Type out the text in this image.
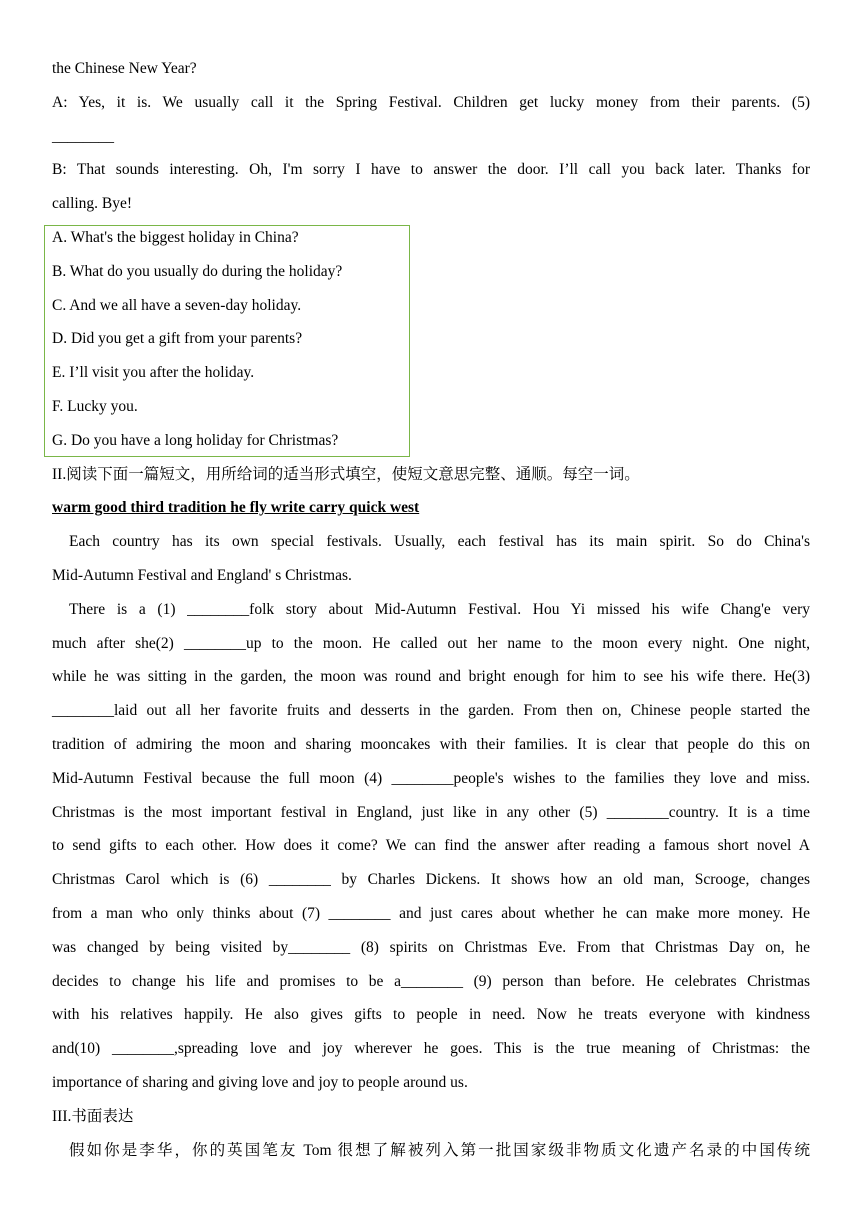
the Chinese New Year?
A: Yes, it is. We usually call it the Spring Festival. Children get lucky money from their parents. (5)
________
B: That sounds interesting. Oh, I'm sorry I have to answer the door. I’ll call you back later. Thanks for
calling. Bye!
A. What's the biggest holiday in China?
B. What do you usually do during the holiday?
C. And we all have a seven-day holiday.
D. Did you get a gift from your parents?
E. I’ll visit you after the holiday.
F. Lucky you.
G. Do you have a long holiday for Christmas?
II.阅读下面一篇短文，用所给词的适当形式填空，使短文意思完整、通顺。每空一词。
warm good third tradition he fly write carry quick west
Each country has its own special festivals. Usually, each festival has its main spirit. So do China's
Mid-Autumn Festival and England' s Christmas.
There is a (1) ________folk story about Mid-Autumn Festival. Hou Yi missed his wife Chang'e very
much after she(2) ________up to the moon. He called out her name to the moon every night. One night,
while he was sitting in the garden, the moon was round and bright enough for him to see his wife there. He(3)
________laid out all her favorite fruits and desserts in the garden. From then on, Chinese people started the
tradition of admiring the moon and sharing mooncakes with their families. It is clear that people do this on
Mid-Autumn Festival because the full moon (4) ________people's wishes to the families they love and miss.
Christmas is the most important festival in England, just like in any other (5) ________country. It is a time
to send gifts to each other. How does it come? We can find the answer after reading a famous short novel A
Christmas Carol which is (6) ________ by Charles Dickens. It shows how an old man, Scrooge, changes
from a man who only thinks about (7) ________ and just cares about whether he can make more money. He
was changed by being visited by________ (8) spirits on Christmas Eve. From that Christmas Day on, he
decides to change his life and promises to be a________ (9) person than before. He celebrates Christmas
with his relatives happily. He also gives gifts to people in need. Now he treats everyone with kindness
and(10) ________,spreading love and joy wherever he goes. This is the true meaning of Christmas: the
importance of sharing and giving love and joy to people around us.
III.书面表达
假如你是李华，你的英国笔友 Tom 很想了解被列入第一批国家级非物质文化遗产名录的中国传统
